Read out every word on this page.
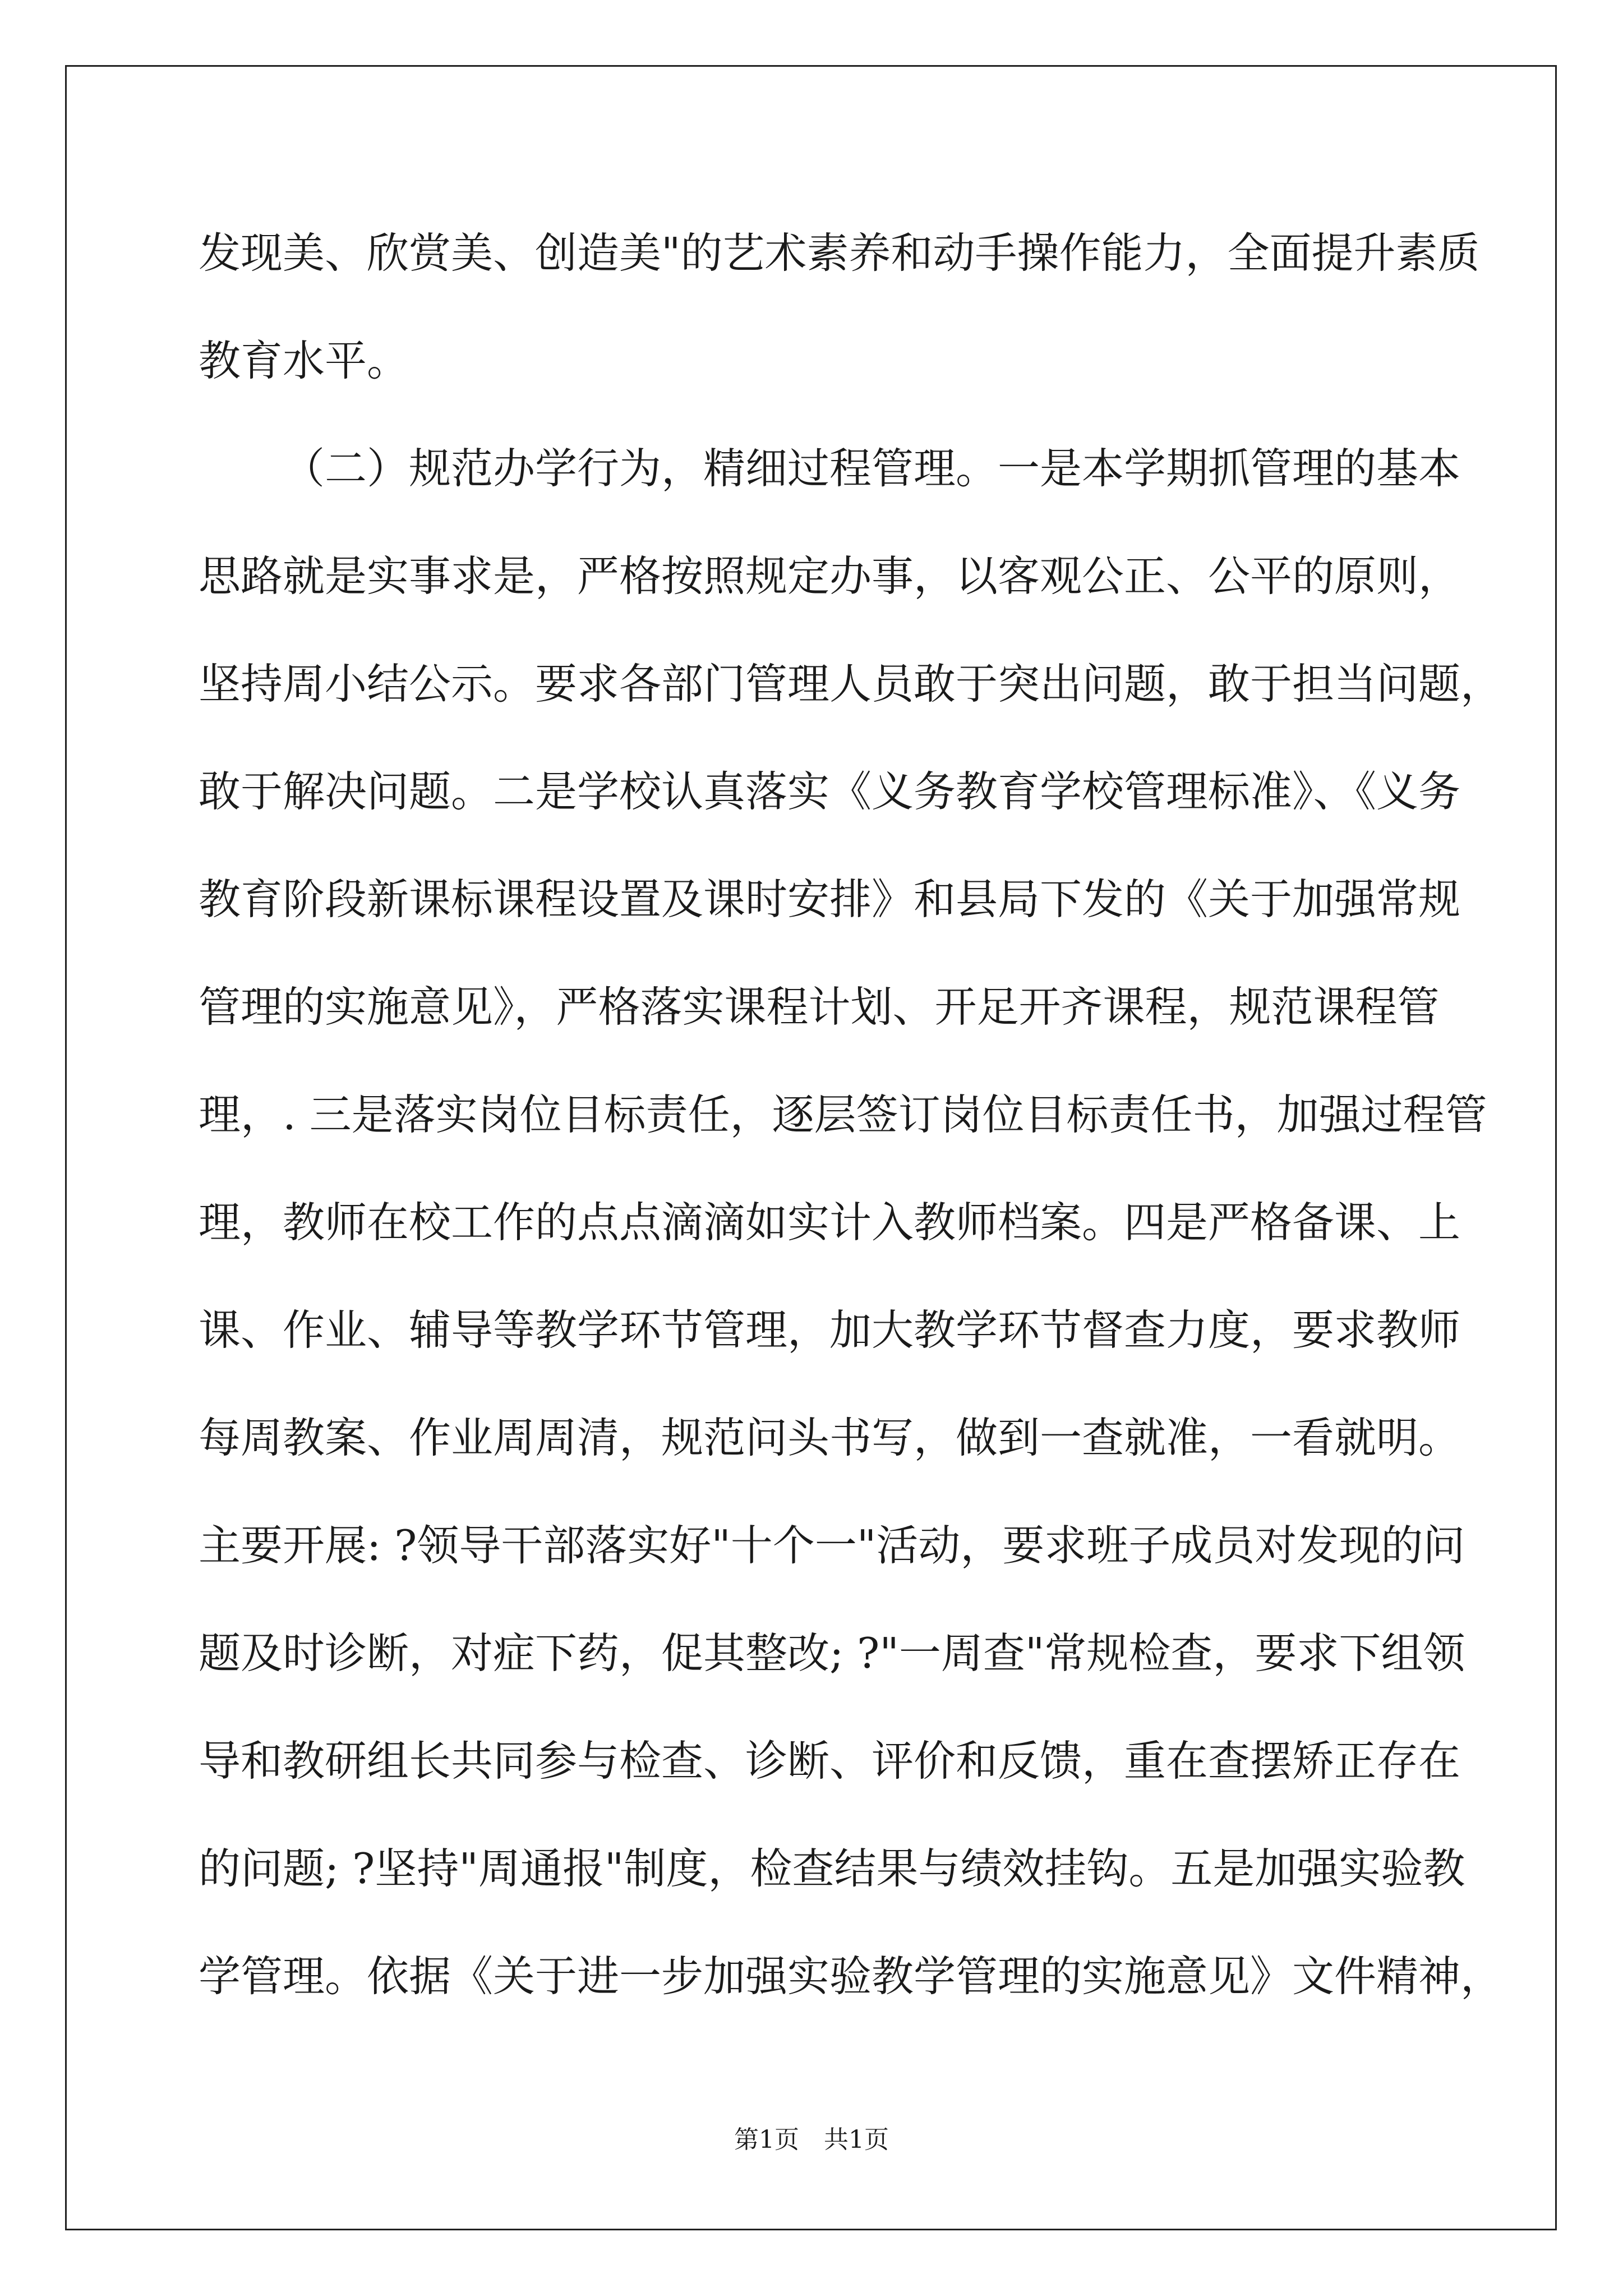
发现美、欣赏美、创造美"的艺术素养和动手操作能力，全面提升素质
教育水平。
（二）规范办学行为，精细过程管理。一是本学期抓管理的基本
思路就是实事求是，严格按照规定办事，以客观公正、公平的原则，
坚持周小结公示。要求各部门管理人员敢于突出问题，敢于担当问题，
敢于解决问题。二是学校认真落实《义务教育学校管理标准》、《义务
教育阶段新课标课程设置及课时安排》和县局下发的《关于加强常规
管理的实施意见》，严格落实课程计划、开足开齐课程，规范课程管
理，. 三是落实岗位目标责任，逐层签订岗位目标责任书，加强过程管
理，教师在校工作的点点滴滴如实计入教师档案。四是严格备课、上
课、作业、辅导等教学环节管理，加大教学环节督查力度，要求教师
每周教案、作业周周清，规范问头书写，做到一查就准，一看就明。
主要开展: ?领导干部落实好"十个一"活动，要求班子成员对发现的问
题及时诊断，对症下药，促其整改; ?"一周查"常规检查，要求下组领
导和教研组长共同参与检查、诊断、评价和反馈，重在查摆矫正存在
的问题; ?坚持"周通报"制度，检查结果与绩效挂钩。五是加强实验教
学管理。依据《关于进一步加强实验教学管理的实施意见》文件精神，
第1页　共1页
